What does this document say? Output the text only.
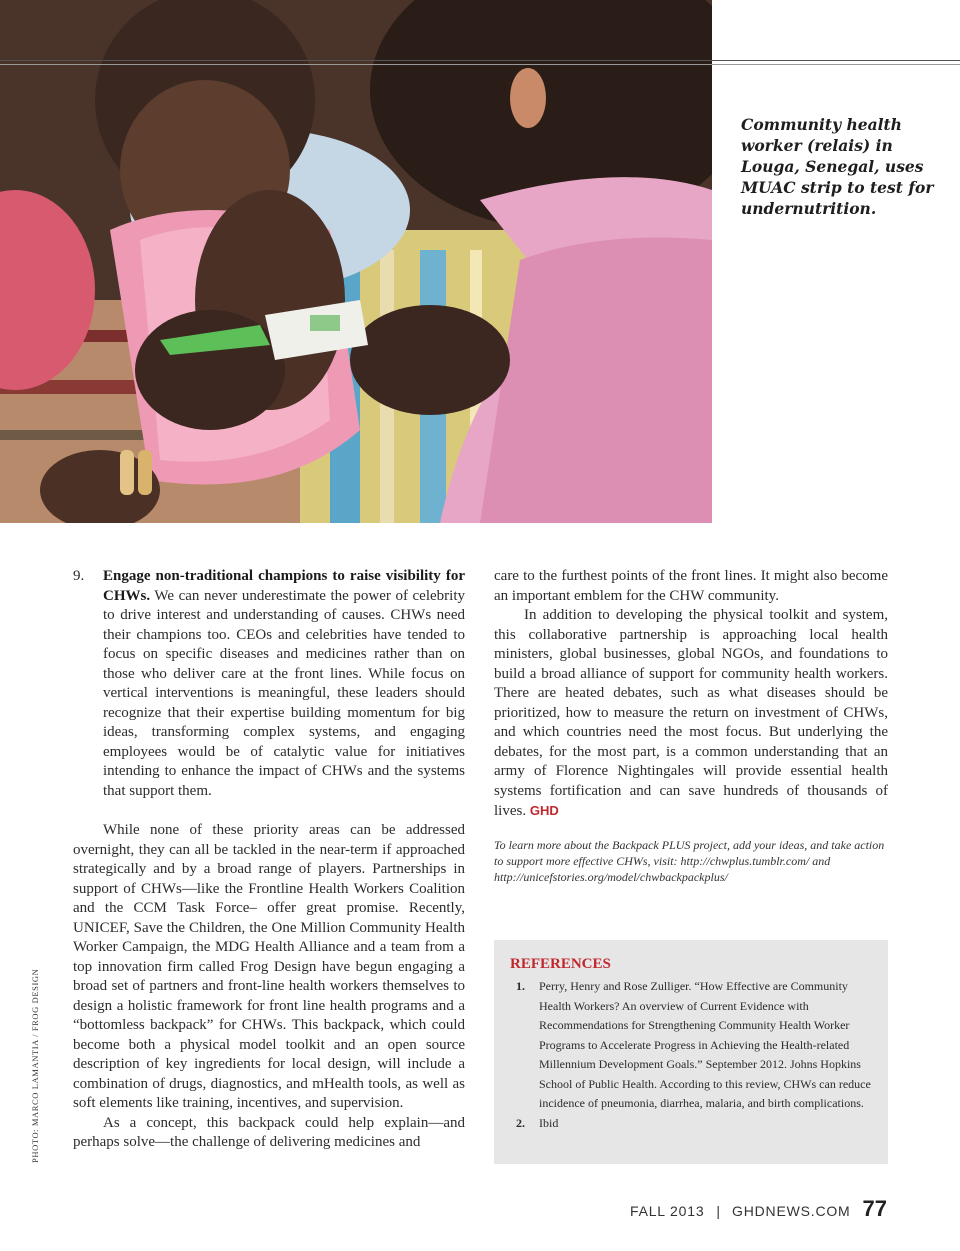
Community health worker (relais) in Louga, Senegal, uses MUAC strip to test for undernutrition.
PHOTO: MARCO LAMANTIA / FROG DESIGN
9. Engage non-traditional champions to raise visibility for CHWs. We can never underestimate the power of celebrity to drive interest and understanding of causes. CHWs need their champions too. CEOs and celebrities have tended to focus on specific diseases and medicines rather than on those who deliver care at the front lines. While focus on vertical interventions is meaningful, these leaders should recognize that their expertise building momentum for big ideas, transforming complex systems, and engaging employees would be of catalytic value for initiatives intending to enhance the impact of CHWs and the systems that support them.

While none of these priority areas can be addressed overnight, they can all be tackled in the near-term if approached strategically and by a broad range of players. Partnerships in support of CHWs—like the Frontline Health Workers Coalition and the CCM Task Force– offer great promise. Recently, UNICEF, Save the Children, the One Million Community Health Worker Campaign, the MDG Health Alliance and a team from a top innovation firm called Frog Design have begun engaging a broad set of partners and front-line health workers themselves to design a holistic framework for front line health programs and a “bottomless backpack” for CHWs. This backpack, which could become both a physical model toolkit and an open source description of key ingredients for local design, will include a combination of drugs, diagnostics, and mHealth tools, as well as soft elements like training, incentives, and supervision.

As a concept, this backpack could help explain—and perhaps solve—the challenge of delivering medicines and

care to the furthest points of the front lines. It might also become an important emblem for the CHW community.

In addition to developing the physical toolkit and system, this collaborative partnership is approaching local health ministers, global businesses, global NGOs, and foundations to build a broad alliance of support for community health workers. There are heated debates, such as what diseases should be prioritized, how to measure the return on investment of CHWs, and which countries need the most focus. But underlying the debates, for the most part, is a common understanding that an army of Florence Nightingales will provide essential health systems fortification and can save hundreds of thousands of lives. GHD

To learn more about the Backpack PLUS project, add your ideas, and take action to support more effective CHWs, visit: http://chwplus.tumblr.com/ and http://unicefstories.org/model/chwbackpackplus/
REFERENCES
1. Perry, Henry and Rose Zulliger. “How Effective are Community Health Workers? An overview of Current Evidence with Recommendations for Strengthening Community Health Worker Programs to Accelerate Progress in Achieving the Health-related Millennium Development Goals.” September 2012. Johns Hopkins School of Public Health. According to this review, CHWs can reduce incidence of pneumonia, diarrhea, malaria, and birth complications.
2. Ibid
FALL 2013 | GHDNEWS.COM 77
